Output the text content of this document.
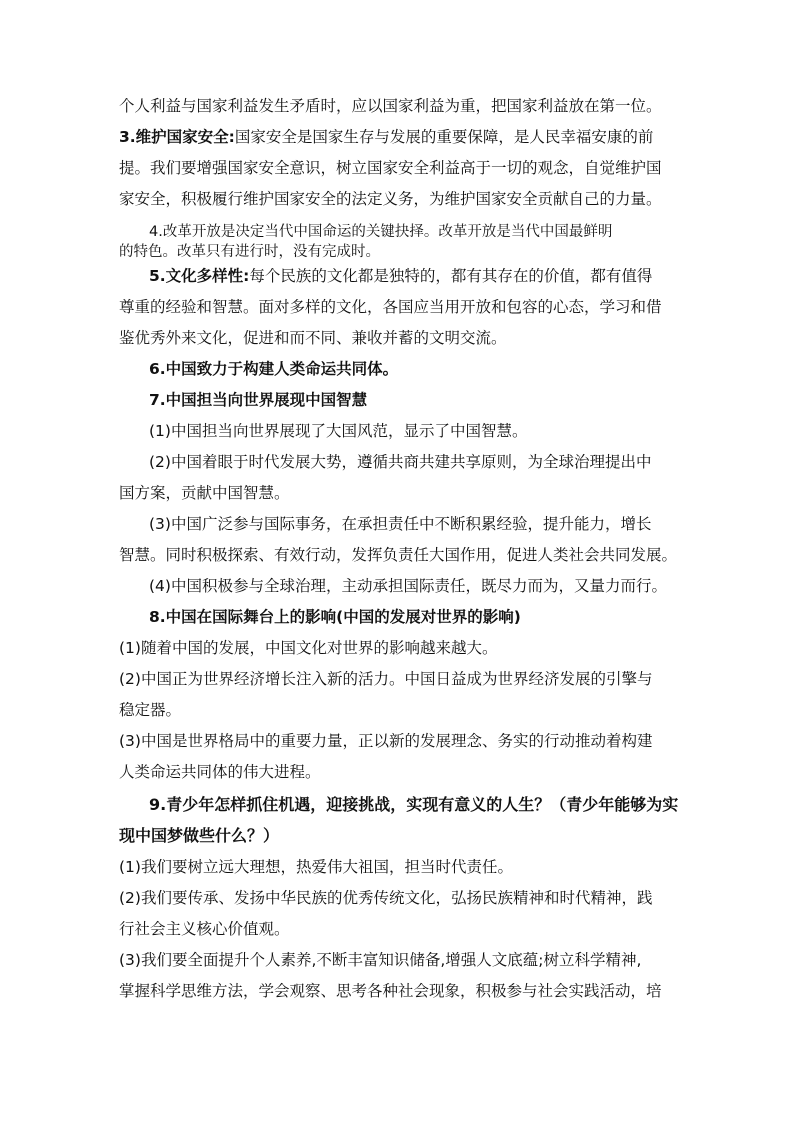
个人利益与国家利益发生矛盾时，应以国家利益为重，把国家利益放在第一位。
3.维护国家安全:国家安全是国家生存与发展的重要保障，是人民幸福安康的前
提。我们要增强国家安全意识，树立国家安全利益高于一切的观念，自觉维护国
家安全，积极履行维护国家安全的法定义务，为维护国家安全贡献自己的力量。
4.改革开放是决定当代中国命运的关键抉择。改革开放是当代中国最鲜明
的特色。改革只有进行时，没有完成时。
5.文化多样性:每个民族的文化都是独特的，都有其存在的价值，都有值得
尊重的经验和智慧。面对多样的文化，各国应当用开放和包容的心态，学习和借
鉴优秀外来文化，促进和而不同、兼收并蓄的文明交流。
6.中国致力于构建人类命运共同体。
7.中国担当向世界展现中国智慧
(1)中国担当向世界展现了大国风范，显示了中国智慧。
(2)中国着眼于时代发展大势，遵循共商共建共享原则，为全球治理提出中
国方案，贡献中国智慧。
(3)中国广泛参与国际事务，在承担责任中不断积累经验，提升能力，增长
智慧。同时积极探索、有效行动，发挥负责任大国作用，促进人类社会共同发展。
(4)中国积极参与全球治理，主动承担国际责任，既尽力而为，又量力而行。
8.中国在国际舞台上的影响(中国的发展对世界的影响)
(1)随着中国的发展，中国文化对世界的影响越来越大。
(2)中国正为世界经济增长注入新的活力。中国日益成为世界经济发展的引擎与
稳定器。
(3)中国是世界格局中的重要力量，正以新的发展理念、务实的行动推动着构建
人类命运共同体的伟大进程。
9.青少年怎样抓住机遇，迎接挑战，实现有意义的人生？（青少年能够为实
现中国梦做些什么？）
(1)我们要树立远大理想，热爱伟大祖国，担当时代责任。
(2)我们要传承、发扬中华民族的优秀传统文化，弘扬民族精神和时代精神，践
行社会主义核心价值观。
(3)我们要全面提升个人素养,不断丰富知识储备,增强人文底蕴;树立科学精神,
掌握科学思维方法，学会观察、思考各种社会现象，积极参与社会实践活动，培
